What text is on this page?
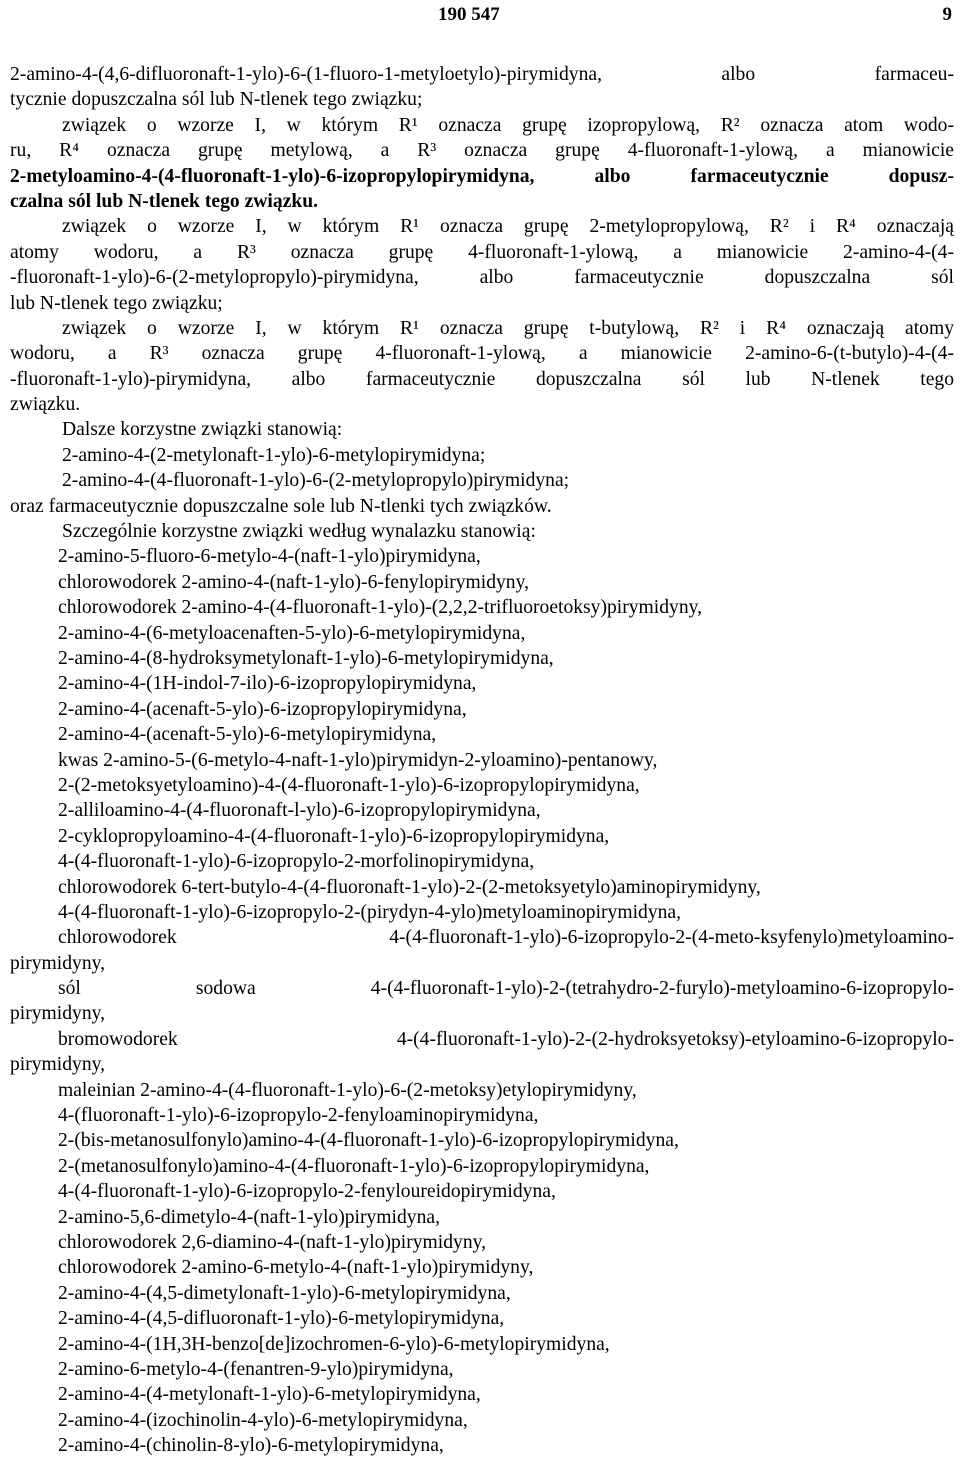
190 547	9
2-amino-4-(4,6-difluoronaft-1-ylo)-6-(1-fluoro-1-metyloetylo)-pirymidyna, albo farmaceu-
tycznie dopuszczalna sól lub N-tlenek tego związku;
związek o wzorze I, w którym R¹ oznacza grupę izopropylową, R² oznacza atom wodo-
ru, R⁴ oznacza grupę metylową, a R³ oznacza grupę 4-fluoronaft-1-ylową, a mianowicie
2-metyloamino-4-(4-fluoronaft-1-ylo)-6-izopropylopirymidyna, albo farmaceutycznie dopusz-
czalna sól lub N-tlenek tego związku.
związek o wzorze I, w którym R¹ oznacza grupę 2-metylopropylową, R² i R⁴ oznaczają
atomy wodoru, a R³ oznacza grupę 4-fluoronaft-1-ylową, a mianowicie 2-amino-4-(4-
-fluoronaft-1-ylo)-6-(2-metylopropylo)-pirymidyna, albo farmaceutycznie dopuszczalna sól
lub N-tlenek tego związku;
związek o wzorze I, w którym R¹ oznacza grupę t-butylową, R² i R⁴ oznaczają atomy
wodoru, a R³ oznacza grupę 4-fluoronaft-1-ylową, a mianowicie 2-amino-6-(t-butylo)-4-(4-
-fluoronaft-1-ylo)-pirymidyna, albo farmaceutycznie dopuszczalna sól lub N-tlenek tego
związku.
Dalsze korzystne związki stanowią:
2-amino-4-(2-metylonaft-1-ylo)-6-metylopirymidyna;
2-amino-4-(4-fluoronaft-1-ylo)-6-(2-metylopropylo)pirymidyna;
oraz farmaceutycznie dopuszczalne sole lub N-tlenki tych związków.
Szczególnie korzystne związki według wynalazku stanowią:
2-amino-5-fluoro-6-metylo-4-(naft-1-ylo)pirymidyna,
chlorowodorek 2-amino-4-(naft-1-ylo)-6-fenylopirymidyny,
chlorowodorek 2-amino-4-(4-fluoronaft-1-ylo)-(2,2,2-trifluoroetoksy)pirymidyny,
2-amino-4-(6-metyloacenaften-5-ylo)-6-metylopirymidyna,
2-amino-4-(8-hydroksymetylonaft-1-ylo)-6-metylopirymidyna,
2-amino-4-(1H-indol-7-ilo)-6-izopropylopirymidyna,
2-amino-4-(acenaft-5-ylo)-6-izopropylopirymidyna,
2-amino-4-(acenaft-5-ylo)-6-metylopirymidyna,
kwas 2-amino-5-(6-metylo-4-naft-1-ylo)pirymidyn-2-yloamino)-pentanowy,
2-(2-metoksyetyloamino)-4-(4-fluoronaft-1-ylo)-6-izopropylopirymidyna,
2-alliloamino-4-(4-fluoronaft-l-ylo)-6-izopropylopirymidyna,
2-cyklopropyloamino-4-(4-fluoronaft-1-ylo)-6-izopropylopirymidyna,
4-(4-fluoronaft-1-ylo)-6-izopropylo-2-morfolinopirymidyna,
chlorowodorek 6-tert-butylo-4-(4-fluoronaft-1-ylo)-2-(2-metoksyetylo)aminopirymidyny,
4-(4-fluoronaft-1-ylo)-6-izopropylo-2-(pirydyn-4-ylo)metyloaminopirymidyna,
chlorowodorek 4-(4-fluoronaft-1-ylo)-6-izopropylo-2-(4-meto-ksyfenylo)metyloamino-
pirymidyny,
sól sodowa 4-(4-fluoronaft-1-ylo)-2-(tetrahydro-2-furylo)-metyloamino-6-izopropylo-
pirymidyny,
bromowodorek 4-(4-fluoronaft-1-ylo)-2-(2-hydroksyetoksy)-etyloamino-6-izopropylo-
pirymidyny,
maleinian 2-amino-4-(4-fluoronaft-1-ylo)-6-(2-metoksy)etylopirymidyny,
4-(fluoronaft-1-ylo)-6-izopropylo-2-fenyloaminopirymidyna,
2-(bis-metanosulfonylo)amino-4-(4-fluoronaft-1-ylo)-6-izopropylopirymidyna,
2-(metanosulfonylo)amino-4-(4-fluoronaft-1-ylo)-6-izopropylopirymidyna,
4-(4-fluoronaft-1-ylo)-6-izopropylo-2-fenyloureidopirymidyna,
2-amino-5,6-dimetylo-4-(naft-1-ylo)pirymidyna,
chlorowodorek 2,6-diamino-4-(naft-1-ylo)pirymidyny,
chlorowodorek 2-amino-6-metylo-4-(naft-1-ylo)pirymidyny,
2-amino-4-(4,5-dimetylonaft-1-ylo)-6-metylopirymidyna,
2-amino-4-(4,5-difluoronaft-1-ylo)-6-metylopirymidyna,
2-amino-4-(1H,3H-benzo[de]izochromen-6-ylo)-6-metylopirymidyna,
2-amino-6-metylo-4-(fenantren-9-ylo)pirymidyna,
2-amino-4-(4-metylonaft-1-ylo)-6-metylopirymidyna,
2-amino-4-(izochinolin-4-ylo)-6-metylopirymidyna,
2-amino-4-(chinolin-8-ylo)-6-metylopirymidyna,
